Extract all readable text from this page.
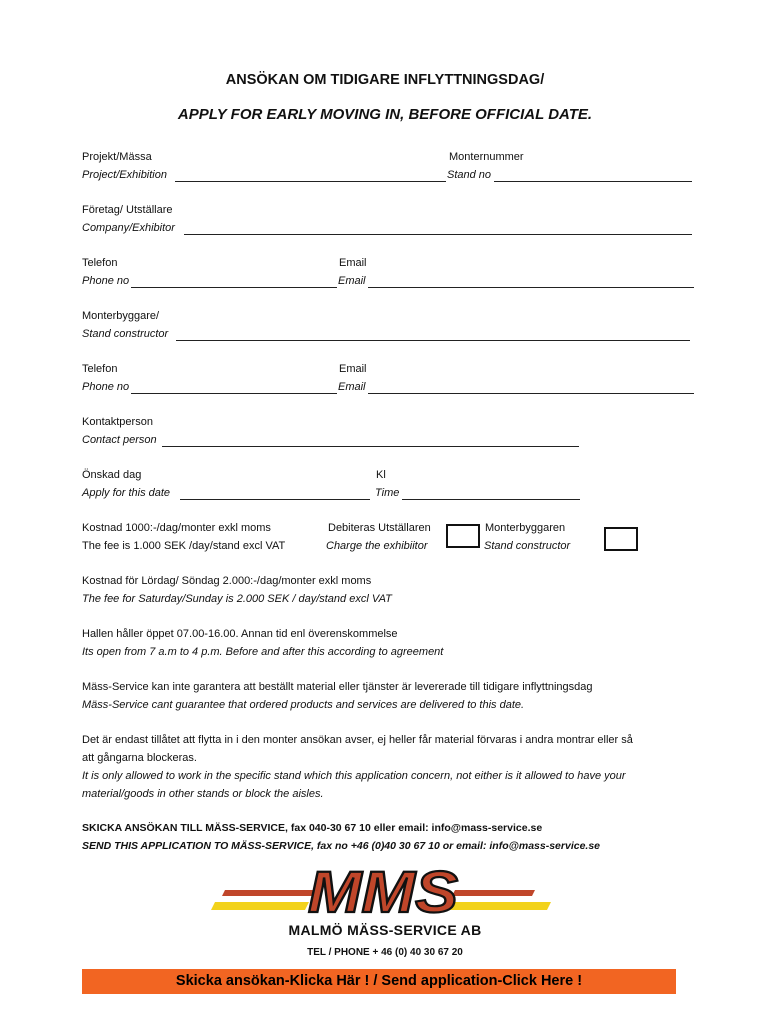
ANSÖKAN OM TIDIGARE INFLYTTNINGSDAG/
APPLY FOR EARLY MOVING IN, BEFORE OFFICIAL DATE.
Projekt/Mässa
Project/Exhibition
Monternummer
Stand no
Företag/ Utställare
Company/Exhibitor
Telefon
Phone no
Email
Email
Monterbyggare/
Stand constructor
Telefon
Phone no
Email
Email
Kontaktperson
Contact person
Önskad dag
Apply for this date
Kl
Time
Kostnad 1000:-/dag/monter exkl moms
The fee is 1.000 SEK /day/stand excl VAT
Debiteras Utställaren
Charge the exhibiitor
Monterbyggaren
Stand constructor
Kostnad för Lördag/ Söndag 2.000:-/dag/monter exkl moms
The fee for Saturday/Sunday is 2.000 SEK / day/stand excl VAT
Hallen håller öppet 07.00-16.00. Annan tid enl överenskommelse
Its open from 7 a.m to 4 p.m. Before and after this according to agreement
Mäss-Service kan inte garantera att beställt material eller tjänster är levererade till tidigare inflyttningsdag
Mäss-Service cant guarantee that ordered products and services are delivered to this date.
Det är endast tillåtet att flytta in i den monter ansökan avser, ej heller får material förvaras i andra montrar eller så
att gångarna blockeras.
It is only allowed to work in the specific stand which this application concern, not either is it allowed to have your
material/goods in other stands or block the aisles.
SKICKA ANSÖKAN TILL MÄSS-SERVICE, fax 040-30 67 10 eller email: info@mass-service.se
SEND THIS APPLICATION TO MÄSS-SERVICE, fax no +46 (0)40 30 67 10 or email: info@mass-service.se
MMS
MALMÖ MÄSS-SERVICE AB
TEL / PHONE + 46 (0) 40 30 67 20
Skicka ansökan-Klicka Här ! / Send application-Click Here !
